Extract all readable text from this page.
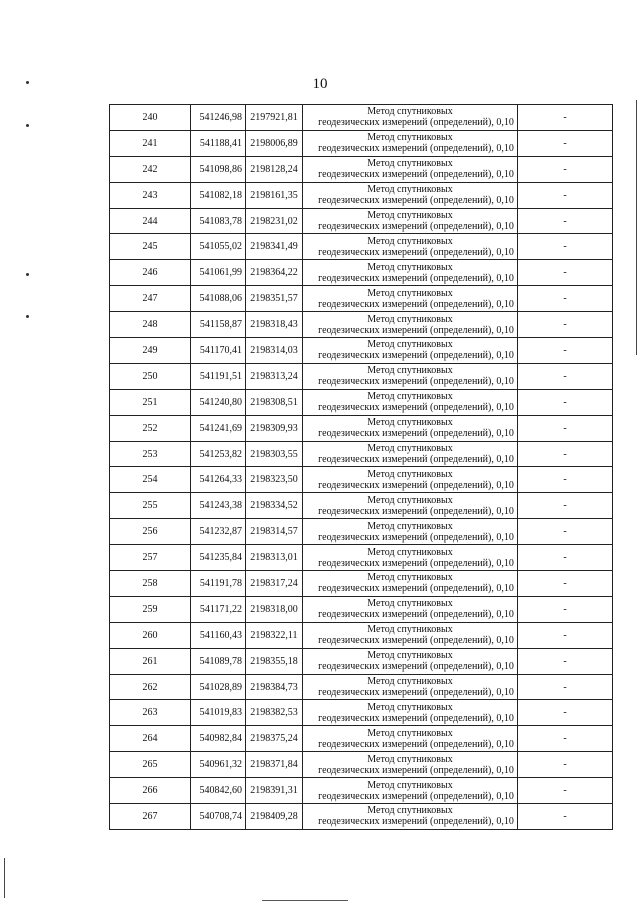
10
240	541246,98	2197921,81	Метод спутниковых
геодезических измерений (определений), 0,10	-
241	541188,41	2198006,89	Метод спутниковых
геодезических измерений (определений), 0,10	-
242	541098,86	2198128,24	Метод спутниковых
геодезических измерений (определений), 0,10	-
243	541082,18	2198161,35	Метод спутниковых
геодезических измерений (определений), 0,10	-
244	541083,78	2198231,02	Метод спутниковых
геодезических измерений (определений), 0,10	-
245	541055,02	2198341,49	Метод спутниковых
геодезических измерений (определений), 0,10	-
246	541061,99	2198364,22	Метод спутниковых
геодезических измерений (определений), 0,10	-
247	541088,06	2198351,57	Метод спутниковых
геодезических измерений (определений), 0,10	-
248	541158,87	2198318,43	Метод спутниковых
геодезических измерений (определений), 0,10	-
249	541170,41	2198314,03	Метод спутниковых
геодезических измерений (определений), 0,10	-
250	541191,51	2198313,24	Метод спутниковых
геодезических измерений (определений), 0,10	-
251	541240,80	2198308,51	Метод спутниковых
геодезических измерений (определений), 0,10	-
252	541241,69	2198309,93	Метод спутниковых
геодезических измерений (определений), 0,10	-
253	541253,82	2198303,55	Метод спутниковых
геодезических измерений (определений), 0,10	-
254	541264,33	2198323,50	Метод спутниковых
геодезических измерений (определений), 0,10	-
255	541243,38	2198334,52	Метод спутниковых
геодезических измерений (определений), 0,10	-
256	541232,87	2198314,57	Метод спутниковых
геодезических измерений (определений), 0,10	-
257	541235,84	2198313,01	Метод спутниковых
геодезических измерений (определений), 0,10	-
258	541191,78	2198317,24	Метод спутниковых
геодезических измерений (определений), 0,10	-
259	541171,22	2198318,00	Метод спутниковых
геодезических измерений (определений), 0,10	-
260	541160,43	2198322,11	Метод спутниковых
геодезических измерений (определений), 0,10	-
261	541089,78	2198355,18	Метод спутниковых
геодезических измерений (определений), 0,10	-
262	541028,89	2198384,73	Метод спутниковых
геодезических измерений (определений), 0,10	-
263	541019,83	2198382,53	Метод спутниковых
геодезических измерений (определений), 0,10	-
264	540982,84	2198375,24	Метод спутниковых
геодезических измерений (определений), 0,10	-
265	540961,32	2198371,84	Метод спутниковых
геодезических измерений (определений), 0,10	-
266	540842,60	2198391,31	Метод спутниковых
геодезических измерений (определений), 0,10	-
267	540708,74	2198409,28	Метод спутниковых
геодезических измерений (определений), 0,10	-
